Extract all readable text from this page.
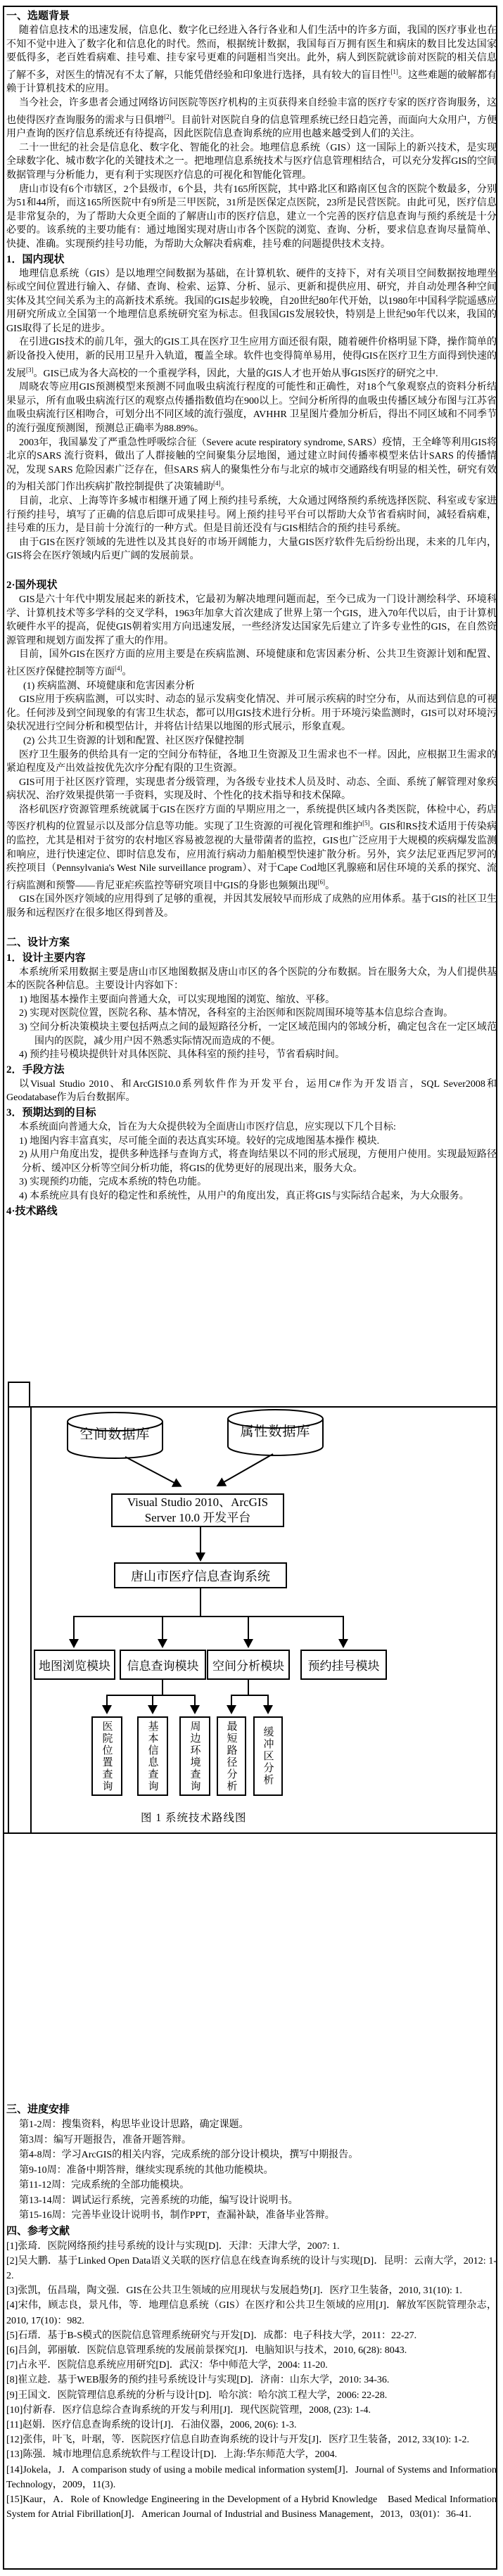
一、选题背景

随着信息技术的迅速发展，信息化、数字化已经进入各行各业和人们生活中的许多方面，我国的医疗事业也在不知不觉中进入了数字化和信息化的时代。然而，根据统计数据，我国每百万拥有医生和病床的数目比发达国家要低得多，老百姓看病难、挂号难、挂专家号更难的问题相当突出。此外，病人到医院就诊前对医院的相关信息了解不多，对医生的情况有不太了解，只能凭借经验和印象进行选择，具有较大的盲目性[1]。这些难题的破解都有赖于计算机技术的应用。

当今社会，许多患者会通过网络访问医院等医疗机构的主页获得来自经验丰富的医疗专家的医疗咨询服务，这也使得医疗查询服务的需求与日俱增[2]。目前针对医院自身的信息管理系统已经日趋完善，而面向大众用户，方便用户查询的医疗信息系统还有待提高，因此医院信息查询系统的应用也越来越受到人们的关注。

二十一世纪的社会是信息化、数字化、智能化的社会。地理信息系统（GIS）这一国际上的新兴技术，是实现全球数字化、城市数字化的关键技术之一。把地理信息系统技术与医疗信息管理相结合，可以充分发挥GIS的空间数据管理与分析能力，更有利于实现医疗信息的可视化和智能化管理。

唐山市设有6个市辖区，2个县级市，6个县，共有165所医院，其中路北区和路南区包含的医院个数最多，分别为51和44所，而这165所医院中有9所是三甲医院，31所是医保定点医院，23所是民营医院。由此可见，医疗信息是非常复杂的，为了帮助大众更全面的了解唐山市的医疗信息，建立一个完善的医疗信息查询与预约系统是十分必要的。该系统的主要功能有：通过地图实现对唐山市各个医院的浏览、查询、分析，要求信息查询尽量简单、快捷、准确。实现预约挂号功能，为帮助大众解决看病难，挂号难的问题提供技术支持。

1．国内现状

地理信息系统（GIS）是以地理空间数据为基础，在计算机软、硬件的支持下，对有关项目空间数据按地理坐标或空间位置进行输入、存储、查询、检索、运算、分析、显示、更新和提供应用、研究，并自动处理各种空间实体及其空间关系为主的高新技术系统。我国的GIS起步较晚，自20世纪80年代开始，以1980年中国科学院遥感应用研究所成立全国第一个地理信息系统研究室为标志。但我国GIS发展较快，特别是上世纪90年代以来，我国的GIS取得了长足的进步。

在引进GIS技术的前几年，强大的GIS工具在医疗卫生应用方面还很有限，随着硬件价格明显下降，操作简单的新设备投入使用，新的民用卫星升入轨道，覆盖全球。软件也变得简单易用，使得GIS在医疗卫生方面得到快速的发展[3]。GIS已成为各大高校的一个重视学科，因此，大量的GIS人才也开始从事GIS医疗的研究之中.

周晓农等应用GIS预测模型来预测不同血吸虫病流行程度的可能性和正确性，对18个气象观察点的资料分析结果显示，所有血吸虫病流行区的观察点传播指数值均在900以上。空间分析所得的血吸虫传播区域分布图与江苏省血吸虫病流行区相吻合，可划分出不同区域的流行强度，AVHHR 卫星图片叠加分析后，得出不同区域和不同季节的流行强度预测图，预测总正确率为88.89%。

2003年，我国暴发了严重急性呼吸综合征（Severe acute respiratory syndrome, SARS）疫情，王全峰等利用GIS将北京的SARS 流行资料，做出了人群接触的空间聚集分层地图，通过建立时间传播率模型来估计SARS 的传播情况，发现 SARS 危险因素广泛存在，但SARS 病人的聚集性分布与北京的城市交通路线有明显的相关性，研究有效的为相关部门作出疾病扩散控制提供了决策辅助[4]。

目前，北京、上海等许多城市相继开通了网上预约挂号系统，大众通过网络预约系统选择医院、科室或专家进行预约挂号，填写了正确的信息后即可成果挂号。网上预约挂号平台可以帮助大众节省看病时间，减轻看病难，挂号难的压力，是目前十分流行的一种方式。但是目前还没有与GIS相结合的预约挂号系统。

由于GIS在医疗领域的先进性以及其良好的市场开阔能力，大量GIS医疗软件先后纷纷出现，未来的几年内，GIS将会在医疗领域内后更广阔的发展前景。

2·国外现状

GIS是六十年代中期发展起来的新技术，它最初为解决地理问题而起，至今已成为一门设计测绘科学、环境科学、计算机技术等多学科的交叉学科，1963年加拿大首次建成了世界上第一个GIS，进入70年代以后，由于计算机软硬件水平的提高，促使GIS朝着实用方向迅速发展，一些经济发达国家先后建立了许多专业性的GIS，在自然资源管理和规划方面发挥了重大的作用。

目前，国外GIS在医疗方面的应用主要是在疾病监测、环境健康和危害因素分析、公共卫生资源计划和配置、社区医疗保健控制等方面[4]。

(1) 疾病监测、环境健康和危害因素分析

GIS应用于疾病监测，可以实时、动态的显示发病变化情况、并可展示疾病的时空分布，从而达到信息的可视化。任何涉及到空间现象的有害卫生状态，都可以用GIS技术进行分析。用于环境污染监测时，GIS可以对环境污染状况进行空间分析和模型估计，并将估计结果以地图的形式展示，形象直观。

(2) 公共卫生资源的计划和配置、社区医疗保健控制

医疗卫生服务的供给具有一定的空间分布特征，各地卫生资源及卫生需求也不一样。因此，应根据卫生需求的紧迫程度及产出效益按优先次序分配有限的卫生资源。

GIS可用于社区医疗管理，实现患者分级管理，为各级专业技术人员及时、动态、全面、系统了解管理对象疾病状况、治疗效果提供第一手资料，实现及时、个性化的技术指导和技术保障。

洛杉矶医疗资源管理系统就属于GIS在医疗方面的早期应用之一，系统提供区域内各类医院，体检中心，药店等医疗机构的位置显示以及部分信息等功能。实现了卫生资源的可视化管理和维护[5]。GIS和RS技术适用于传染病的监控，尤其是相对于贫穷的农村地区容易被忽视的大量带菌者的监控，GIS也广泛应用于大规模的疾病爆发监测和响应，进行快速定位、即时信息发布，应用流行病动力船舶模型快速扩散分析。另外，宾夕法尼亚西尼罗河的疾控项目（Pennsylvania's West Nile surveillance program）、对于Cape Cod地区乳腺癌和居住环境的关系的探究、流行病监测和预警——肯尼亚疟疾监控等研究项目中GIS的身影也频频出现[6]。

GIS在国外医疗领域的应用得到了足够的重视，并因其发展较早而形成了成熟的应用体系。基于GIS的社区卫生服务和远程医疗在很多地区得到普及。

二、设计方案

1．设计主要内容

本系统所采用数据主要是唐山市区地图数据及唐山市区的各个医院的分布数据。旨在服务大众，为人们提供基本的医院各种信息。主要设计内容如下：

1) 地图基本操作主要面向普通大众，可以实现地图的浏览、缩放、平移。

2) 实现对医院位置，医院名称、基本情况，各科室的主治医师和医院周围环境等基本信息综合查询。

3) 空间分析决策模块主要包括两点之间的最短路径分析，一定区域范围内的邻域分析，确定包含在一定区域范围内的医院，减少用户因不熟悉实际情况而造成的不便。

4) 预约挂号模块提供针对具体医院、具体科室的预约挂号，节省看病时间。

2．手段方法

以Visual Studio 2010、和ArcGIS10.0系列软件作为开发平台，运用C#作为开发语言，SQL Sever2008和Geodatabase作为后台数据库。

3．预期达到的目标

本系统面向普通大众，旨在为大众提供较为全面唐山市医疗信息，应实现以下几个目标:

1) 地图内容丰富真实，尽可能全面的表达真实环境。较好的完成地图基本操作 模块.

2) 从用户角度出发，提供多种选择与查询方式，将查询结果以不同的形式展现，方便用户使用。实现最短路径分析、缓冲区分析等空间分析功能，将GIS的优势更好的展现出来，服务大众。

3) 实现预约功能，完成本系统的特色功能。

4) 本系统应具有良好的稳定性和系统性，从用户的角度出发，真正将GIS与实际结合起来，为大众服务。

4·技术路线

空间数据库	属性数据库
Visual Studio 2010、ArcGIS
Server 10.0 开发平台
唐山市医疗信息查询系统
地图浏览模块	信息查询模块	空间分析模块	预约挂号模块
医院位置查询	基本信息查询	周边环境查询	最短路径分析	缓冲区分析
图 1 系统技术路线图

三、进度安排

第1-2周：搜集资料，构思毕业设计思路，确定课题。

第3周：编写开题报告，准备开题答辩。

第4-8周：学习ArcGIS的相关内容，完成系统的部分设计模块，撰写中期报告。

第9-10周：准备中期答辩，继续实现系统的其他功能模块。

第11-12周：完成系统的全部功能模块。

第13-14周：调试运行系统，完善系统的功能，编写设计说明书。

第15-16周：完善毕业设计说明书，制作PPT，查漏补缺，准备毕业答辩。

四、参考文献

[1]张琦．医院网络预约挂号系统的设计与实现[D]．天津：天津大学，2007: 1.

[2]吴大鹏．基于Linked Open Data语义关联的医疗信息在线查询系统的设计与实现[D]．昆明：云南大学，2012: 1-2.

[3]张凯，伍昌瑞，陶文强．GIS在公共卫生领域的应用现状与发展趋势[J]．医疗卫生装备，2010, 31(10): 1.

[4]宋伟，顾志良，景凡伟，等．地理信息系统（GIS）在医疗和公共卫生领域的应用[J]．解放军医院管理杂志，2010, 17(10)：982.

[5]石瑨．基于B-S模式的医院信息管理系统研究与开发[D]．成都：电子科技大学，2011：22-27.

[6]吕剑，郭丽敏．医院信息管理系统的发展前景探究[J]．电脑知识与技术，2010, 6(28): 8043.

[7]占永平．医院信息系统应用研究[D]．武汉：华中师范大学，2004: 11-20.

[8]崔立趁．基于WEB服务的预约挂号系统设计与实现[D]．济南：山东大学，2010: 34-36.

[9]王国文．医院管理信息系统的分析与设计[D]．哈尔滨：哈尔滨工程大学，2006: 22-28.

[10]付新春．医疗信息综合查询系统的开发与利用[J]．现代医院管理，2008, (23): 1-4.

[11]赵娟．医疗信息查询系统的设计[J]．石油仪器，2006, 20(6): 1-3.

[12]张伟，叶飞，叶琚，等．医院医疗信息自助查询系统的设计与开发[J]．医疗卫生装备，2012, 33(10): 1-2.

[13]陈强．城市地理信息系统软件与工程设计[D]．上海:华东师范大学，2004.

[14]Jokela，J．A comparison study of using a mobile medical information system[J]．Journal of Systems and Information Technology，2009，11(3).

[15]Kaur，A．Role of Knowledge Engineering in the Development of a Hybrid Knowledge　Based Medical Information System for Atrial Fibrillation[J]．American Journal of Industrial and Business Management，2013，03(01)：36-41.
